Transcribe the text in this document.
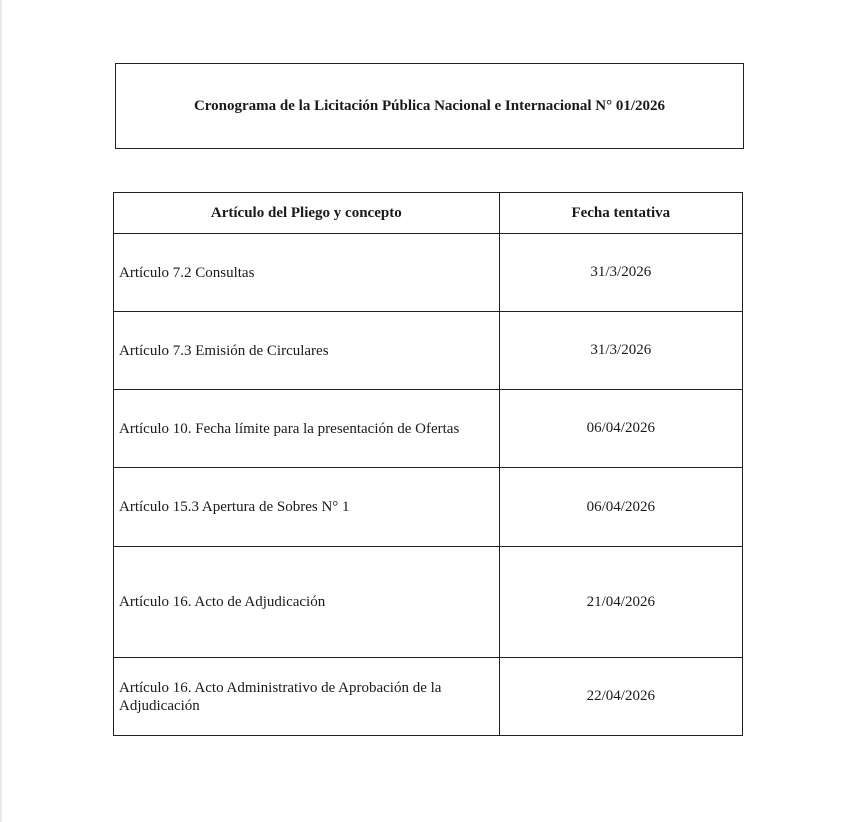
Cronograma de la Licitación Pública Nacional e Internacional N° 01/2026
Artículo del Pliego y concepto	Fecha tentativa
Artículo 7.2 Consultas	31/3/2026
Artículo 7.3 Emisión de Circulares	31/3/2026
Artículo 10. Fecha límite para la presentación de Ofertas	06/04/2026
Artículo 15.3 Apertura de Sobres N° 1	06/04/2026
Artículo 16. Acto de Adjudicación	21/04/2026
Artículo 16. Acto Administrativo de Aprobación de la Adjudicación	22/04/2026
